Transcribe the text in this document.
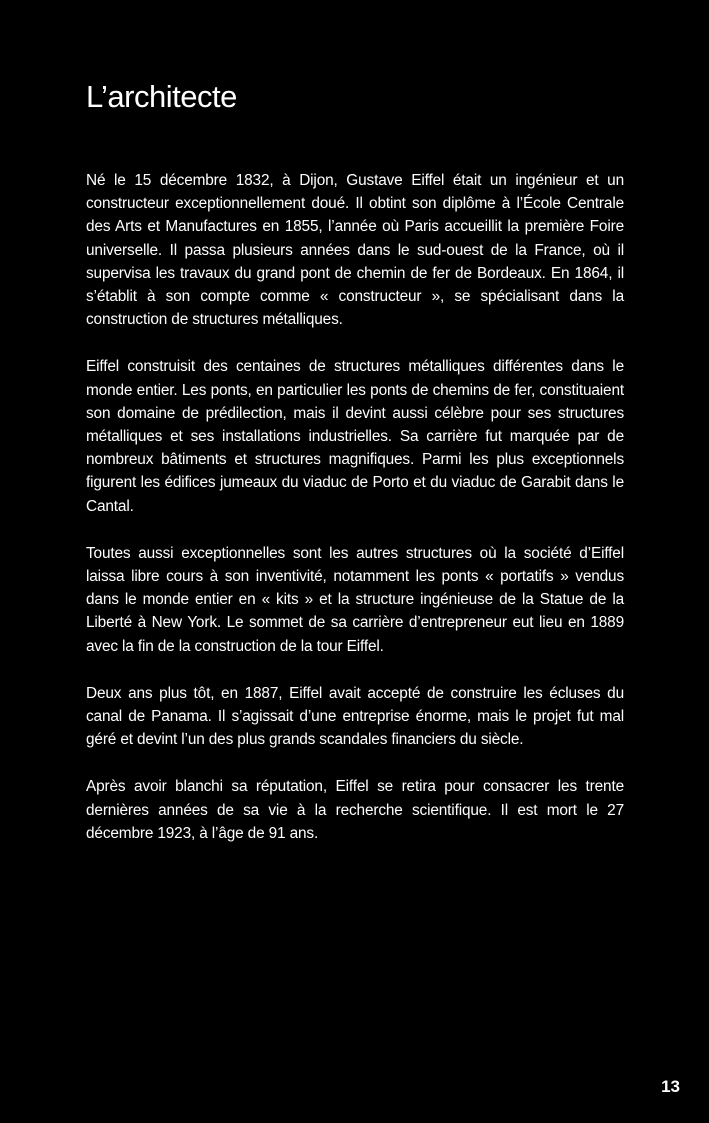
L’architecte

Né le 15 décembre 1832, à Dijon, Gustave Eiffel était un ingénieur et un constructeur exceptionnellement doué. Il obtint son diplôme à l’École Centrale des Arts et Manufactures en 1855, l’année où Paris accueillit la première Foire universelle. Il passa plusieurs années dans le sud-ouest de la France, où il supervisa les travaux du grand pont de chemin de fer de Bordeaux. En 1864, il s’établit à son compte comme « constructeur », se spécialisant dans la construction de structures métalliques.

Eiffel construisit des centaines de structures métalliques différentes dans le monde entier. Les ponts, en particulier les ponts de chemins de fer, constituaient son domaine de prédilection, mais il devint aussi célèbre pour ses structures métalliques et ses installations industrielles. Sa carrière fut marquée par de nombreux bâtiments et structures magnifiques. Parmi les plus exceptionnels figurent les édifices jumeaux du viaduc de Porto et du viaduc de Garabit dans le Cantal.

Toutes aussi exceptionnelles sont les autres structures où la société d’Eiffel laissa libre cours à son inventivité, notamment les ponts « portatifs » vendus dans le monde entier en « kits » et la structure ingénieuse de la Statue de la Liberté à New York. Le sommet de sa carrière d’entrepreneur eut lieu en 1889 avec la fin de la construction de la tour Eiffel.

Deux ans plus tôt, en 1887, Eiffel avait accepté de construire les écluses du canal de Panama. Il s’agissait d’une entreprise énorme, mais le projet fut mal géré et devint l’un des plus grands scandales financiers du siècle.

Après avoir blanchi sa réputation, Eiffel se retira pour consacrer les trente dernières années de sa vie à la recherche scientifique. Il est mort le 27 décembre 1923, à l’âge de 91 ans.

13
